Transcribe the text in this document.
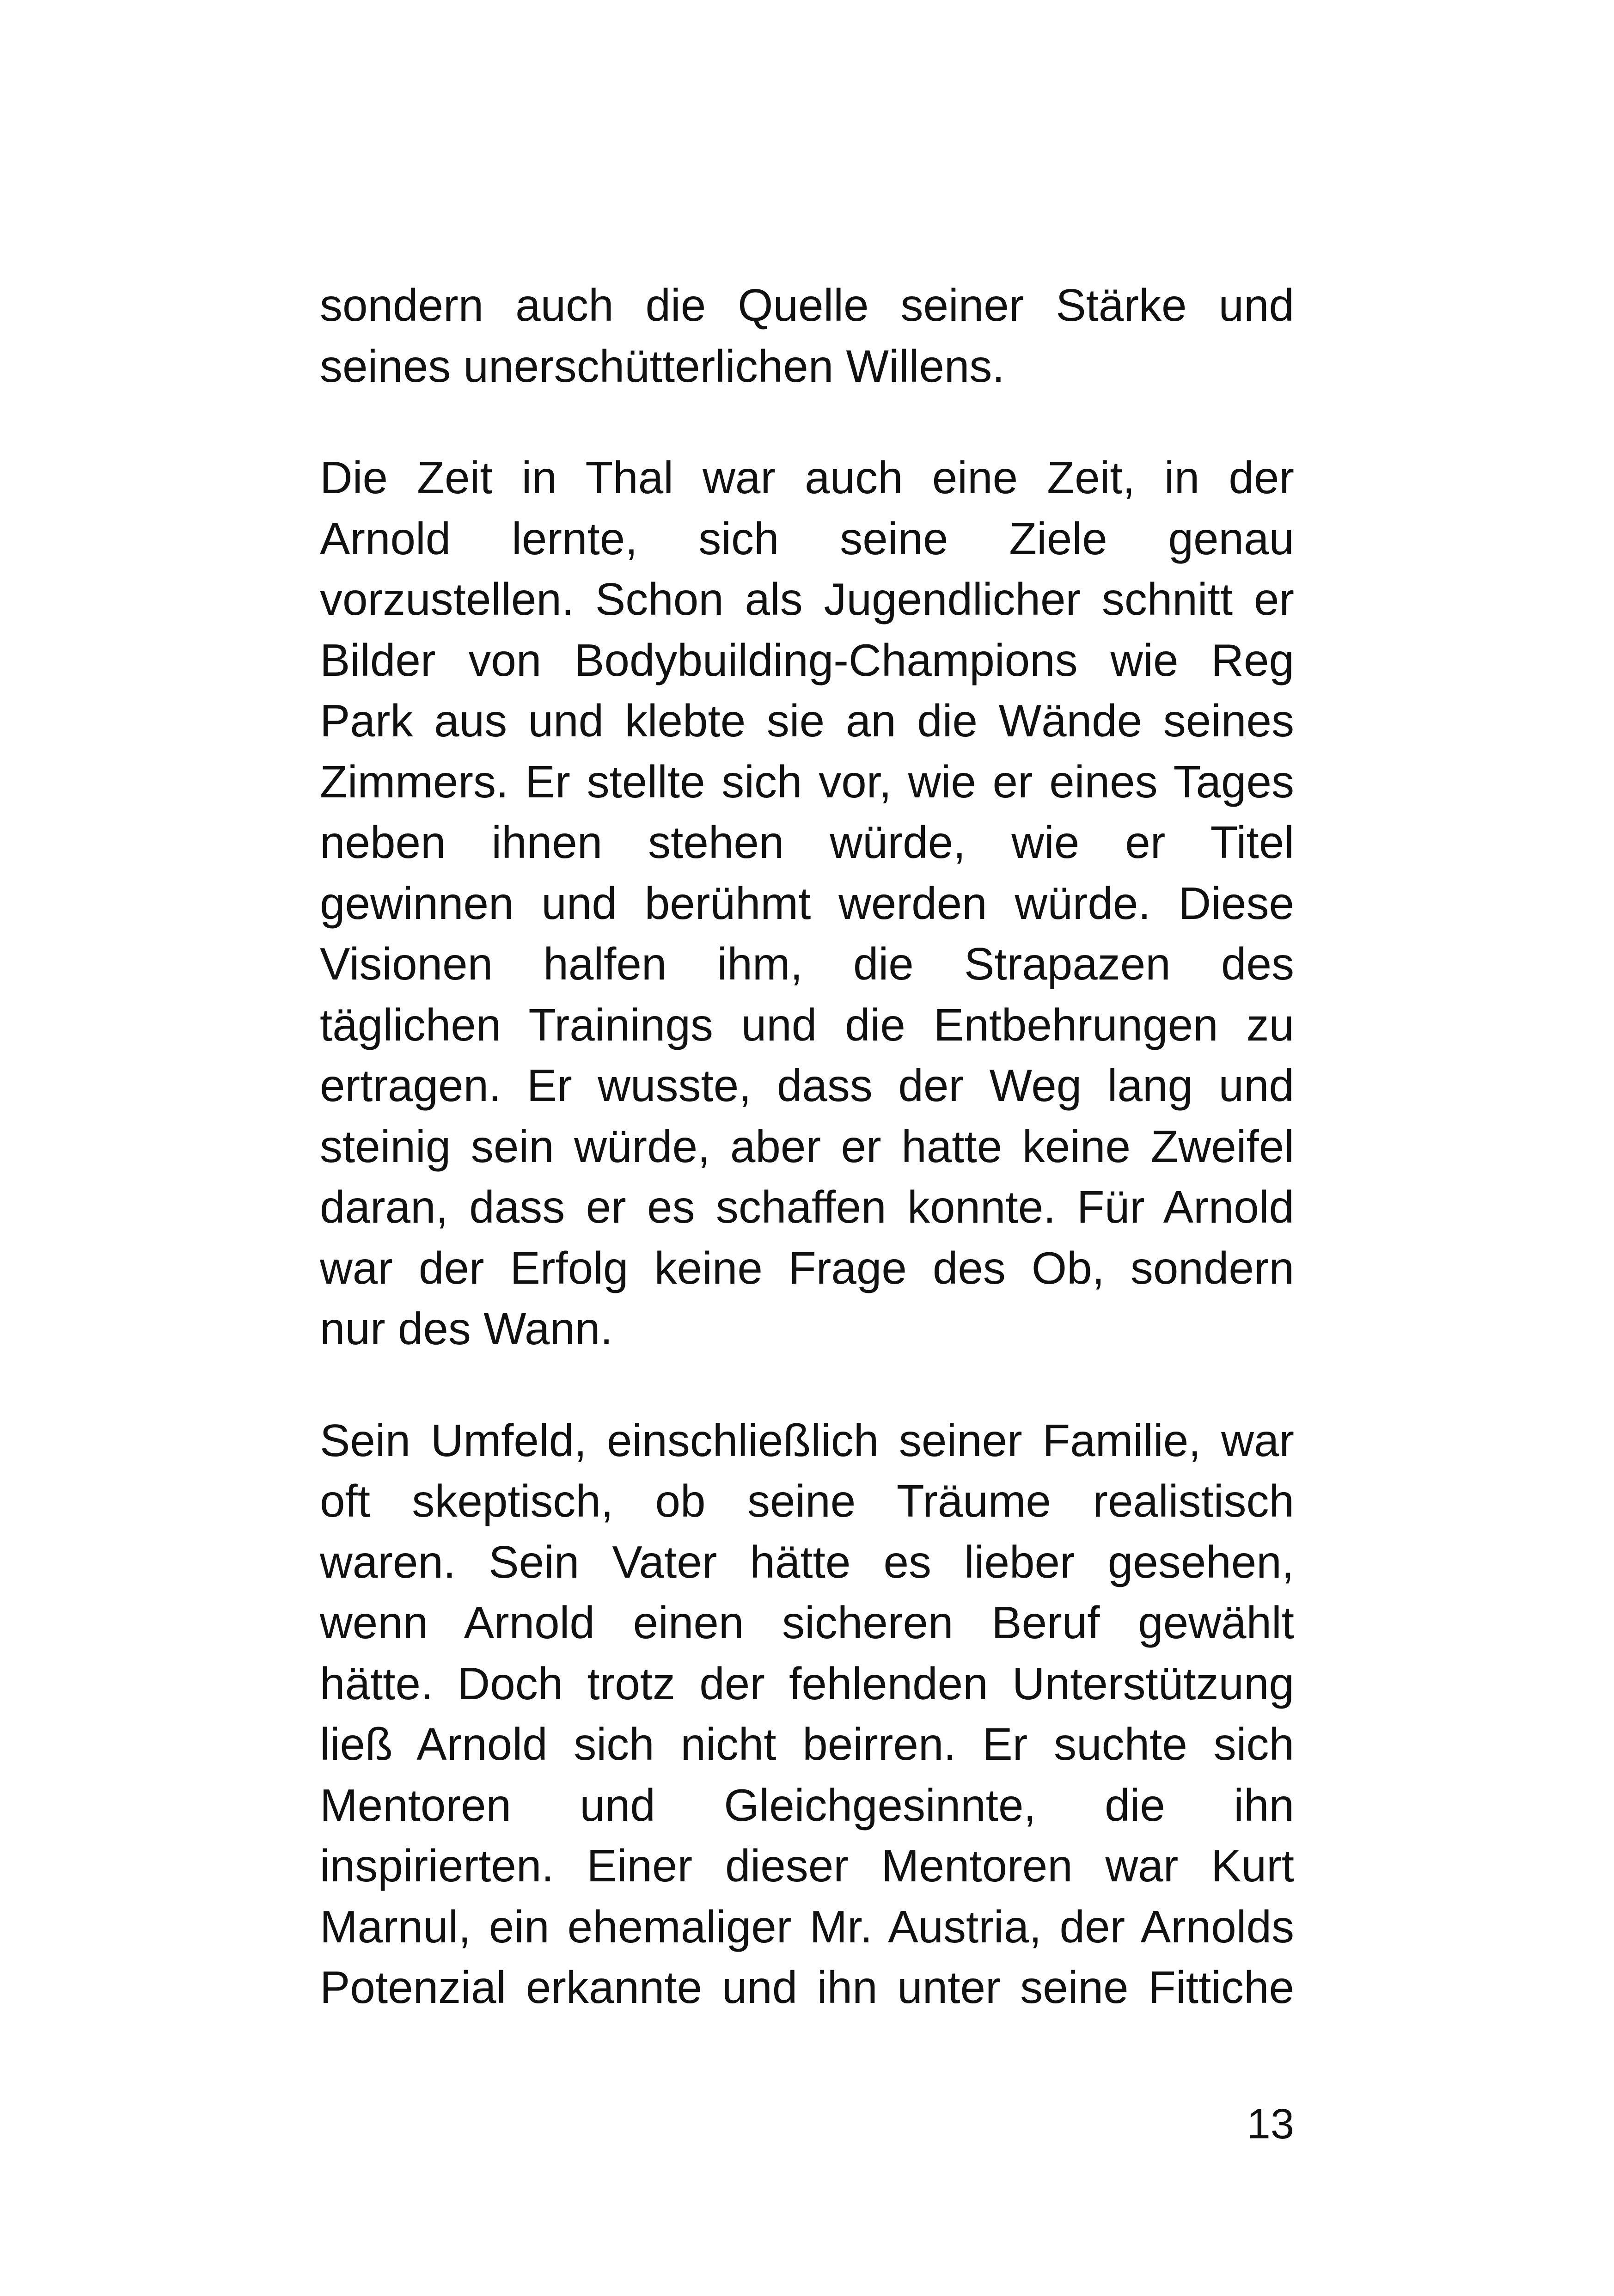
sondern auch die Quelle seiner Stärke und
seines unerschütterlichen Willens.

Die Zeit in Thal war auch eine Zeit, in der
Arnold lernte, sich seine Ziele genau
vorzustellen. Schon als Jugendlicher schnitt er
Bilder von Bodybuilding-Champions wie Reg
Park aus und klebte sie an die Wände seines
Zimmers. Er stellte sich vor, wie er eines Tages
neben ihnen stehen würde, wie er Titel
gewinnen und berühmt werden würde. Diese
Visionen halfen ihm, die Strapazen des
täglichen Trainings und die Entbehrungen zu
ertragen. Er wusste, dass der Weg lang und
steinig sein würde, aber er hatte keine Zweifel
daran, dass er es schaffen konnte. Für Arnold
war der Erfolg keine Frage des Ob, sondern
nur des Wann.

Sein Umfeld, einschließlich seiner Familie, war
oft skeptisch, ob seine Träume realistisch
waren. Sein Vater hätte es lieber gesehen,
wenn Arnold einen sicheren Beruf gewählt
hätte. Doch trotz der fehlenden Unterstützung
ließ Arnold sich nicht beirren. Er suchte sich
Mentoren und Gleichgesinnte, die ihn
inspirierten. Einer dieser Mentoren war Kurt
Marnul, ein ehemaliger Mr. Austria, der Arnolds
Potenzial erkannte und ihn unter seine Fittiche

13
